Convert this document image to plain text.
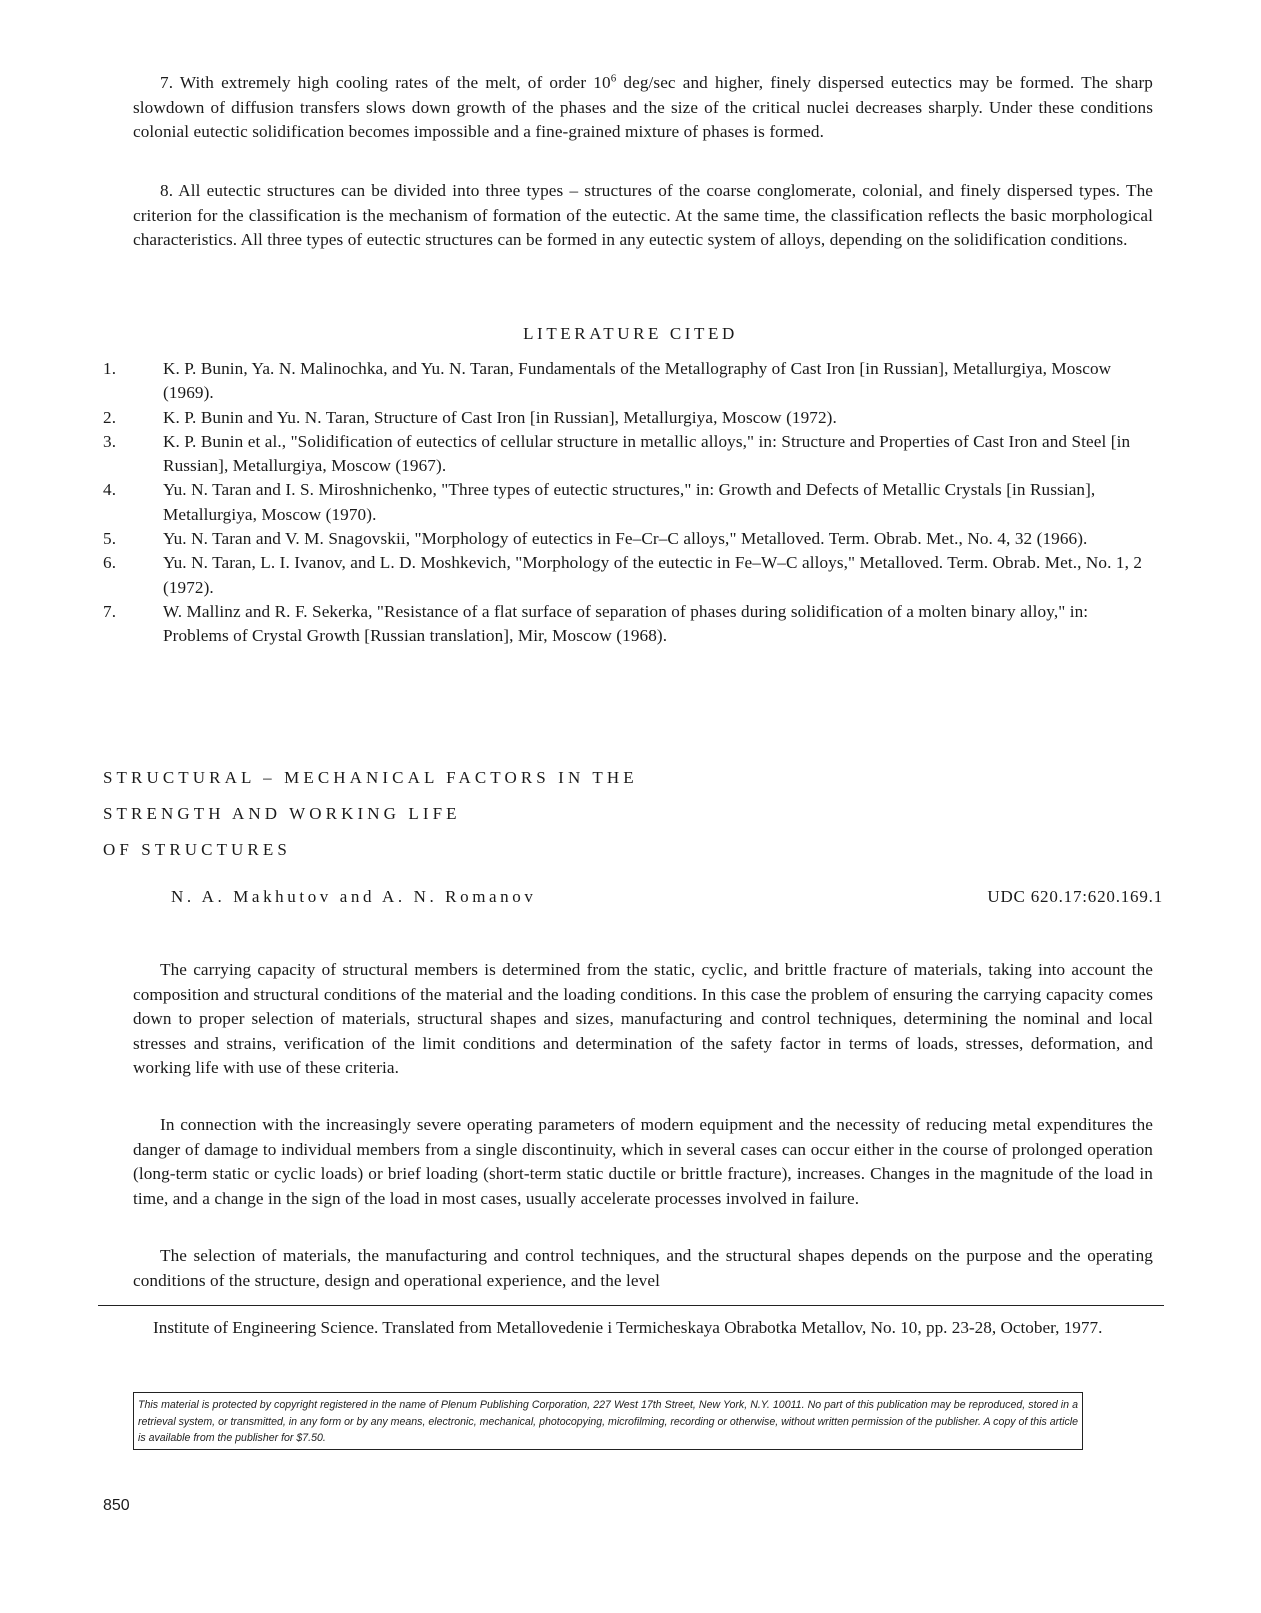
7. With extremely high cooling rates of the melt, of order $10^6$ deg/sec and higher, finely dispersed eutectics may be formed. The sharp slowdown of diffusion transfers slows down growth of the phases and the size of the critical nuclei decreases sharply. Under these conditions colonial eutectic solidification becomes impossible and a fine-grained mixture of phases is formed.

8. All eutectic structures can be divided into three types – structures of the coarse conglomerate, colonial, and finely dispersed types. The criterion for the classification is the mechanism of formation of the eutectic. At the same time, the classification reflects the basic morphological characteristics. All three types of eutectic structures can be formed in any eutectic system of alloys, depending on the solidification conditions.

LITERATURE CITED

1.	K. P. Bunin, Ya. N. Malinochka, and Yu. N. Taran, Fundamentals of the Metallography of Cast Iron [in Russian], Metallurgiya, Moscow (1969).
2.	K. P. Bunin and Yu. N. Taran, Structure of Cast Iron [in Russian], Metallurgiya, Moscow (1972).
3.	K. P. Bunin et al., "Solidification of eutectics of cellular structure in metallic alloys," in: Structure and Properties of Cast Iron and Steel [in Russian], Metallurgiya, Moscow (1967).
4.	Yu. N. Taran and I. S. Miroshnichenko, "Three types of eutectic structures," in: Growth and Defects of Metallic Crystals [in Russian], Metallurgiya, Moscow (1970).
5.	Yu. N. Taran and V. M. Snagovskii, "Morphology of eutectics in Fe–Cr–C alloys," Metalloved. Term. Obrab. Met., No. 4, 32 (1966).
6.	Yu. N. Taran, L. I. Ivanov, and L. D. Moshkevich, "Morphology of the eutectic in Fe–W–C alloys," Metalloved. Term. Obrab. Met., No. 1, 2 (1972).
7.	W. Mallinz and R. F. Sekerka, "Resistance of a flat surface of separation of phases during solidification of a molten binary alloy," in: Problems of Crystal Growth [Russian translation], Mir, Moscow (1968).

STRUCTURAL – MECHANICAL FACTORS IN THE

STRENGTH AND WORKING LIFE

OF STRUCTURES

N. A. Makhutov and A. N. Romanov	UDC 620.17:620.169.1

The carrying capacity of structural members is determined from the static, cyclic, and brittle fracture of materials, taking into account the composition and structural conditions of the material and the loading conditions. In this case the problem of ensuring the carrying capacity comes down to proper selection of materials, structural shapes and sizes, manufacturing and control techniques, determining the nominal and local stresses and strains, verification of the limit conditions and determination of the safety factor in terms of loads, stresses, deformation, and working life with use of these criteria.

In connection with the increasingly severe operating parameters of modern equipment and the necessity of reducing metal expenditures the danger of damage to individual members from a single discontinuity, which in several cases can occur either in the course of prolonged operation (long-term static or cyclic loads) or brief loading (short-term static ductile or brittle fracture), increases. Changes in the magnitude of the load in time, and a change in the sign of the load in most cases, usually accelerate processes involved in failure.

The selection of materials, the manufacturing and control techniques, and the structural shapes depends on the purpose and the operating conditions of the structure, design and operational experience, and the level

Institute of Engineering Science. Translated from Metallovedenie i Termicheskaya Obrabotka Metallov, No. 10, pp. 23-28, October, 1977.

This material is protected by copyright registered in the name of Plenum Publishing Corporation, 227 West 17th Street, New York, N.Y. 10011. No part of this publication may be reproduced, stored in a retrieval system, or transmitted, in any form or by any means, electronic, mechanical, photocopying, microfilming, recording or otherwise, without written permission of the publisher. A copy of this article is available from the publisher for $7.50.

850
